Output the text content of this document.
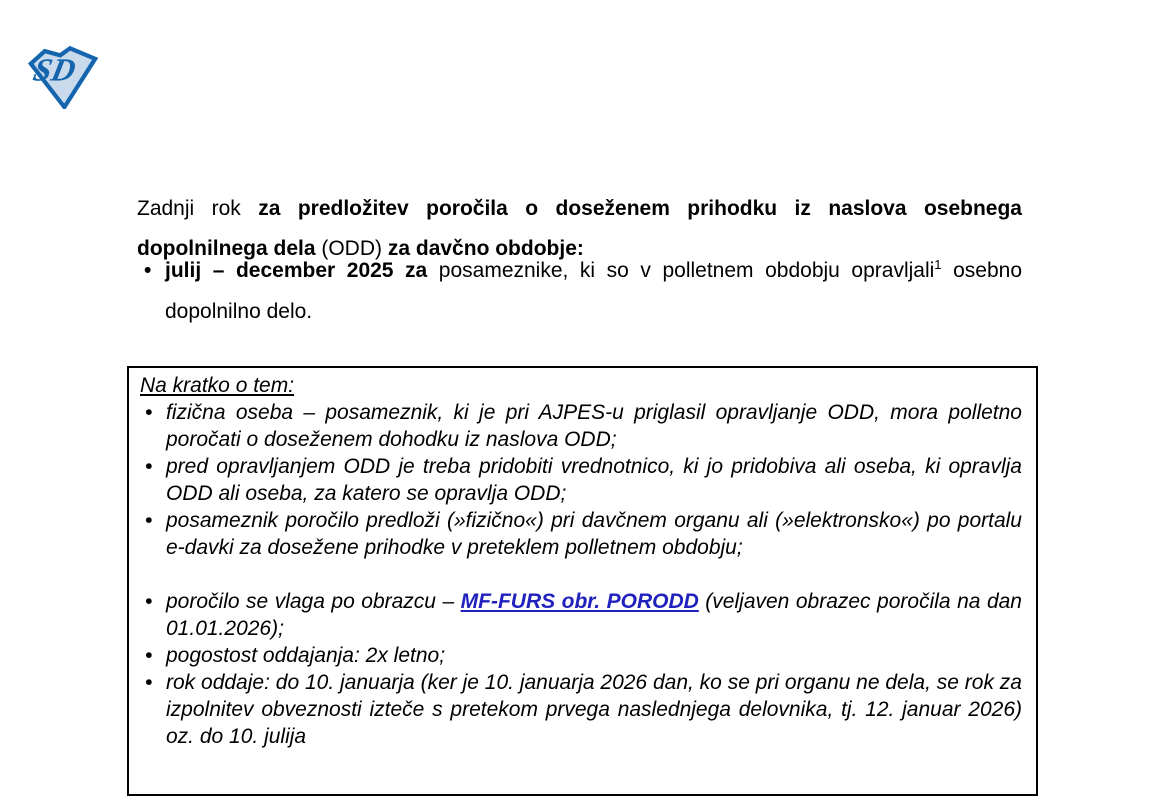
SD

Zadnji rok za predložitev poročila o doseženem prihodku iz naslova osebnega dopolnilnega dela (ODD) za davčno obdobje:

• julij – december 2025 za posameznike, ki so v polletnem obdobju opravljali$^1$ osebno dopolnilno delo.

Na kratko o tem:

• fizična oseba – posameznik, ki je pri AJPES-u priglasil opravljanje ODD, mora polletno poročati o doseženem dohodku iz naslova ODD;
• pred opravljanjem ODD je treba pridobiti vrednotnico, ki jo pridobiva ali oseba, ki opravlja ODD ali oseba, za katero se opravlja ODD;
• posameznik poročilo predloži (»fizično«) pri davčnem organu ali (»elektronsko«) po portalu e-davki za dosežene prihodke v preteklem polletnem obdobju;
• poročilo se vlaga po obrazcu – MF-FURS obr. PORODD (veljaven obrazec poročila na dan 01.01.2026);
• pogostost oddajanja: 2x letno;
• rok oddaje: do 10. januarja (ker je 10. januarja 2026 dan, ko se pri organu ne dela, se rok za izpolnitev obveznosti izteče s pretekom prvega naslednjega delovnika, tj. 12. januar 2026) oz. do 10. julija
